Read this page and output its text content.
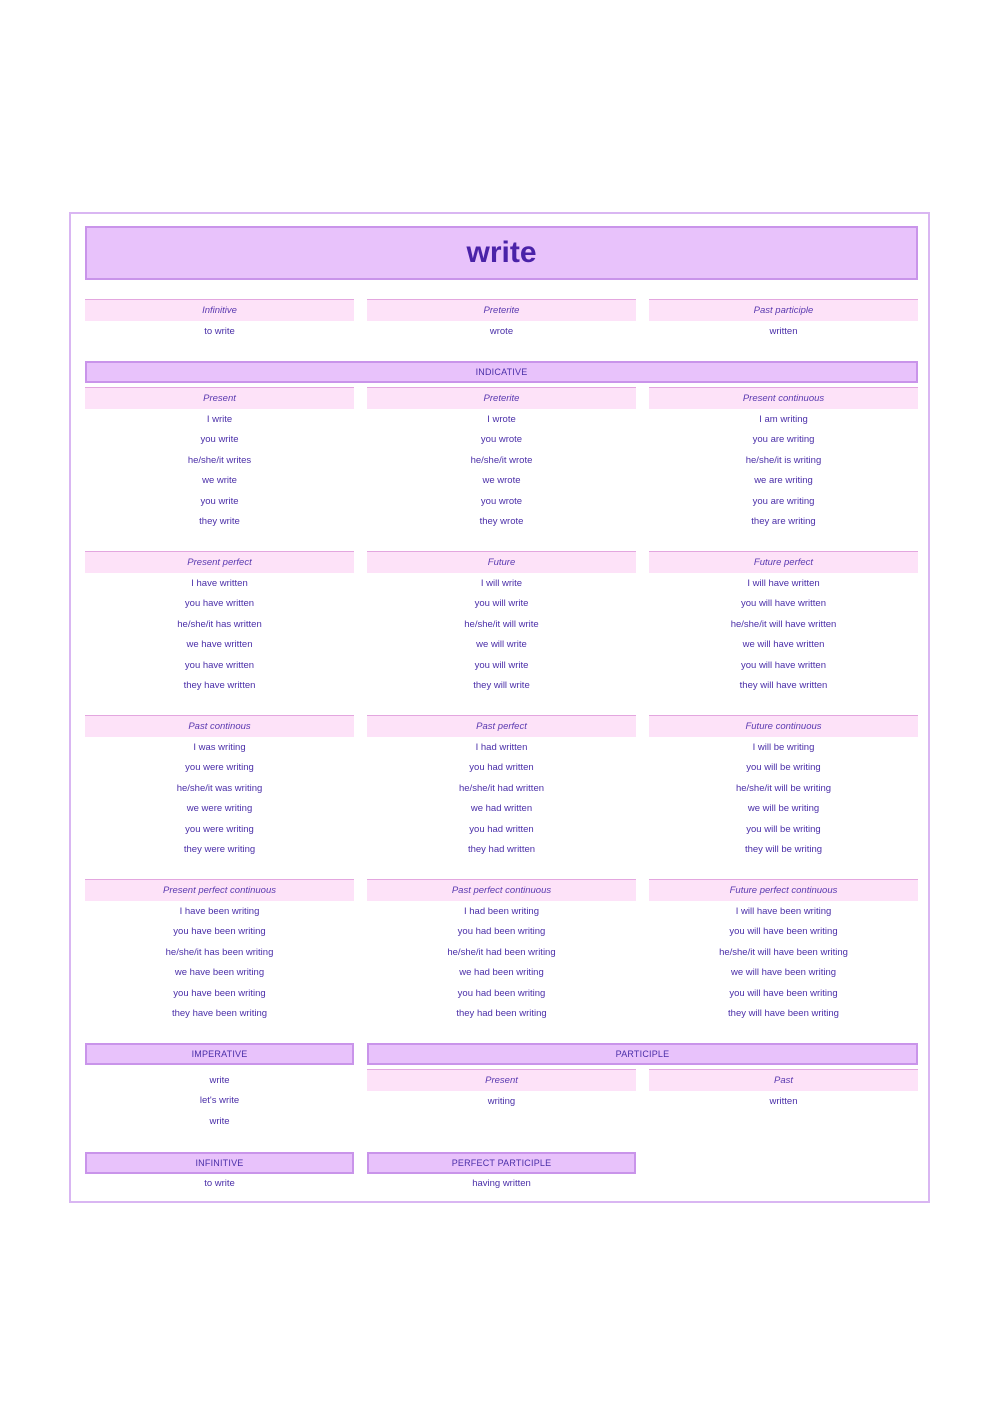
write
Infinitive
to write
Preterite
wrote
Past participle
written
INDICATIVE
Present
I write
you write
he/she/it writes
we write
you write
they write
Preterite
I wrote
you wrote
he/she/it wrote
we wrote
you wrote
they wrote
Present continuous
I am writing
you are writing
he/she/it is writing
we are writing
you are writing
they are writing
Present perfect
I have written
you have written
he/she/it has written
we have written
you have written
they have written
Future
I will write
you will write
he/she/it will write
we will write
you will write
they will write
Future perfect
I will have written
you will have written
he/she/it will have written
we will have written
you will have written
they will have written
Past continous
I was writing
you were writing
he/she/it was writing
we were writing
you were writing
they were writing
Past perfect
I had written
you had written
he/she/it had written
we had written
you had written
they had written
Future continuous
I will be writing
you will be writing
he/she/it will be writing
we will be writing
you will be writing
they will be writing
Present perfect continuous
I have been writing
you have been writing
he/she/it has been writing
we have been writing
you have been writing
they have been writing
Past perfect continuous
I had been writing
you had been writing
he/she/it had been writing
we had been writing
you had been writing
they had been writing
Future perfect continuous
I will have been writing
you will have been writing
he/she/it will have been writing
we will have been writing
you will have been writing
they will have been writing
IMPERATIVE
write
let's write
write
PARTICIPLE
Present
writing
Past
written
INFINITIVE
to write
PERFECT PARTICIPLE
having written
